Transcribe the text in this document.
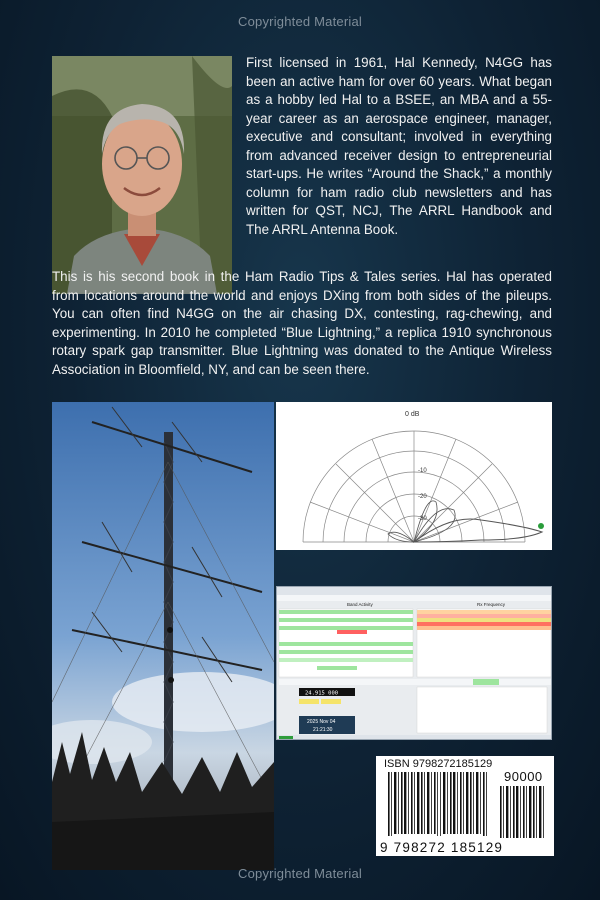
Copyrighted Material

First licensed in 1961, Hal Kennedy, N4GG has been an active ham for over 60 years. What began as a hobby led Hal to a BSEE, an MBA and a 55-year career as an aerospace engineer, manager, executive and consultant; involved in everything from advanced receiver design to entrepreneurial start-ups. He writes “Around the Shack,” a monthly column for ham radio club newsletters and has written for QST, NCJ, The ARRL Handbook and The ARRL Antenna Book.

This is his second book in the Ham Radio Tips & Tales series. Hal has operated from locations around the world and enjoys DXing from both sides of the pileups. You can often find N4GG on the air chasing DX, contesting, rag-chewing, and experimenting. In 2010 he completed “Blue Lightning,” a replica 1910 synchronous rotary spark gap transmitter. Blue Lightning was donated to the Antique Wireless Association in Bloomfield, NY, and can be seen there.

0 dB
-10
-20
-30
Band Activity	Rx Frequency
24.915 000
2025 Nov 04
21:21:30
ISBN 9798272185129
90000
9 798272 185129
Copyrighted Material
